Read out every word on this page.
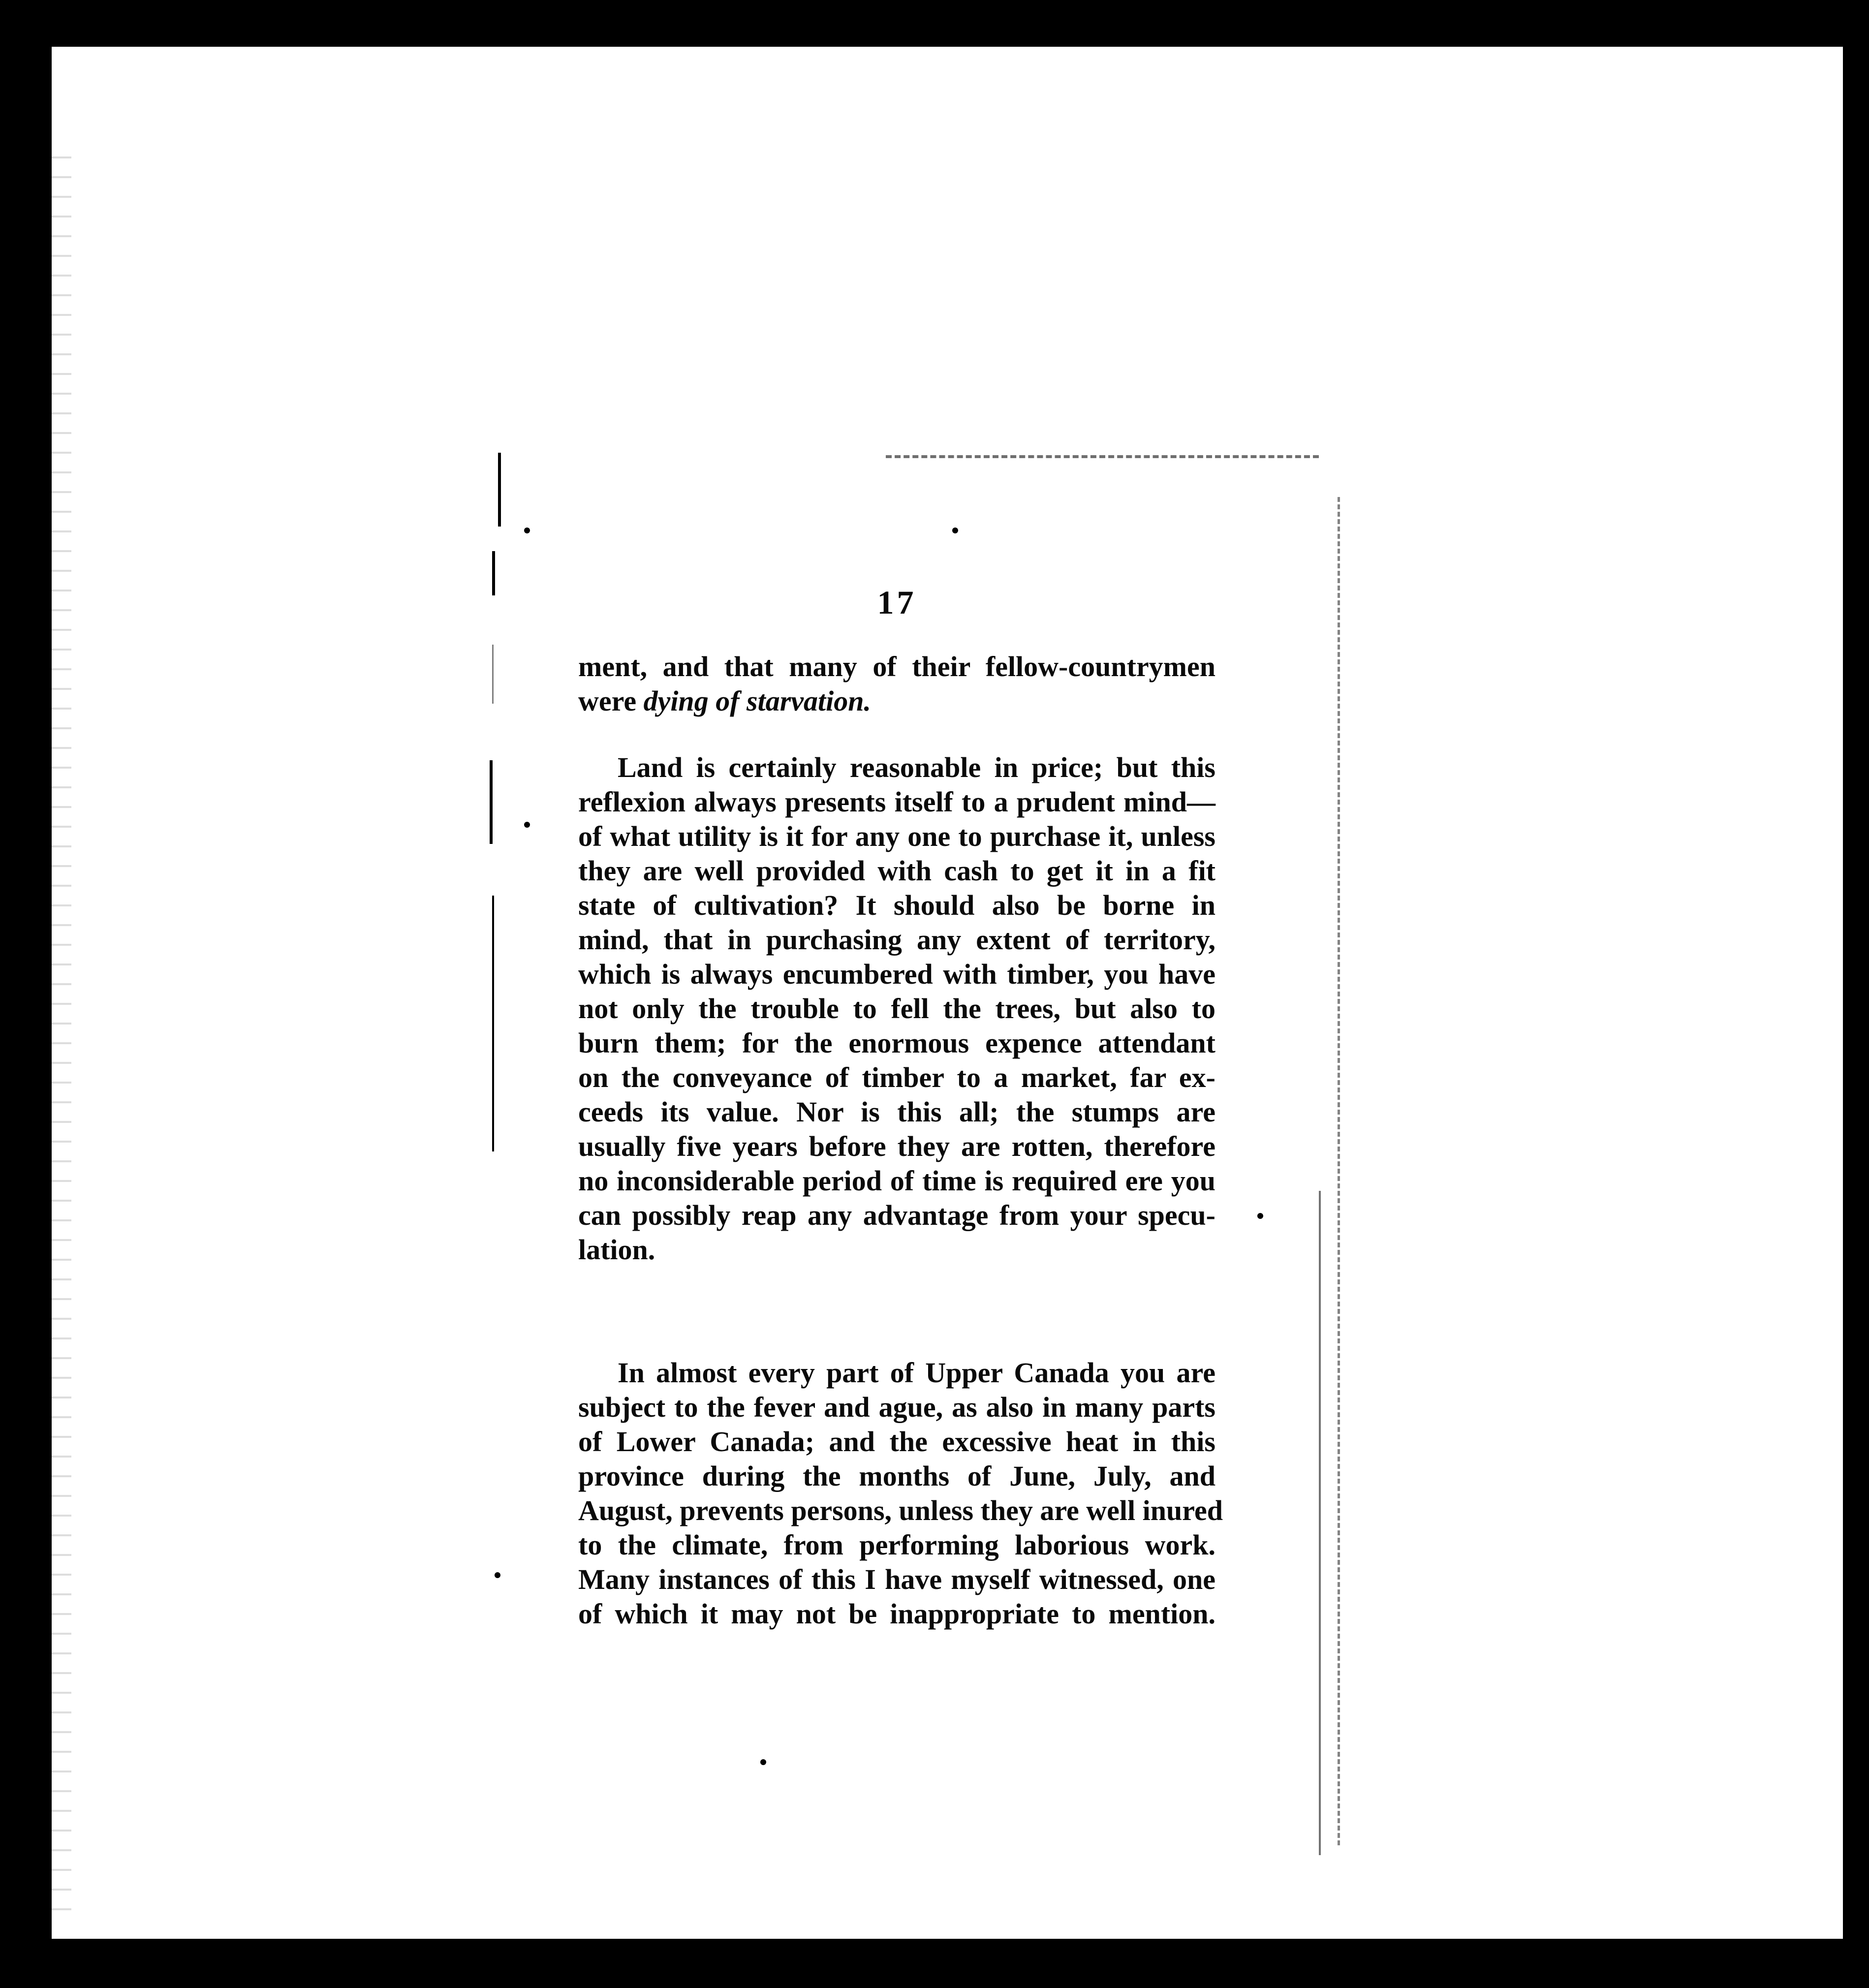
17
ment, and that many of their fellow-countrymen
were dying of starvation.
Land is certainly reasonable in price; but this
reflexion always presents itself to a prudent mind—
of what utility is it for any one to purchase it, unless
they are well provided with cash to get it in a fit
state of cultivation? It should also be borne in
mind, that in purchasing any extent of territory,
which is always encumbered with timber, you have
not only the trouble to fell the trees, but also to
burn them; for the enormous expence attendant
on the conveyance of timber to a market, far ex-
ceeds its value. Nor is this all; the stumps are
usually five years before they are rotten, therefore
no inconsiderable period of time is required ere you
can possibly reap any advantage from your specu-
lation.
In almost every part of Upper Canada you are
subject to the fever and ague, as also in many parts
of Lower Canada; and the excessive heat in this
province during the months of June, July, and
August, prevents persons, unless they are well inured
to the climate, from performing laborious work.
Many instances of this I have myself witnessed, one
of which it may not be inappropriate to mention.
